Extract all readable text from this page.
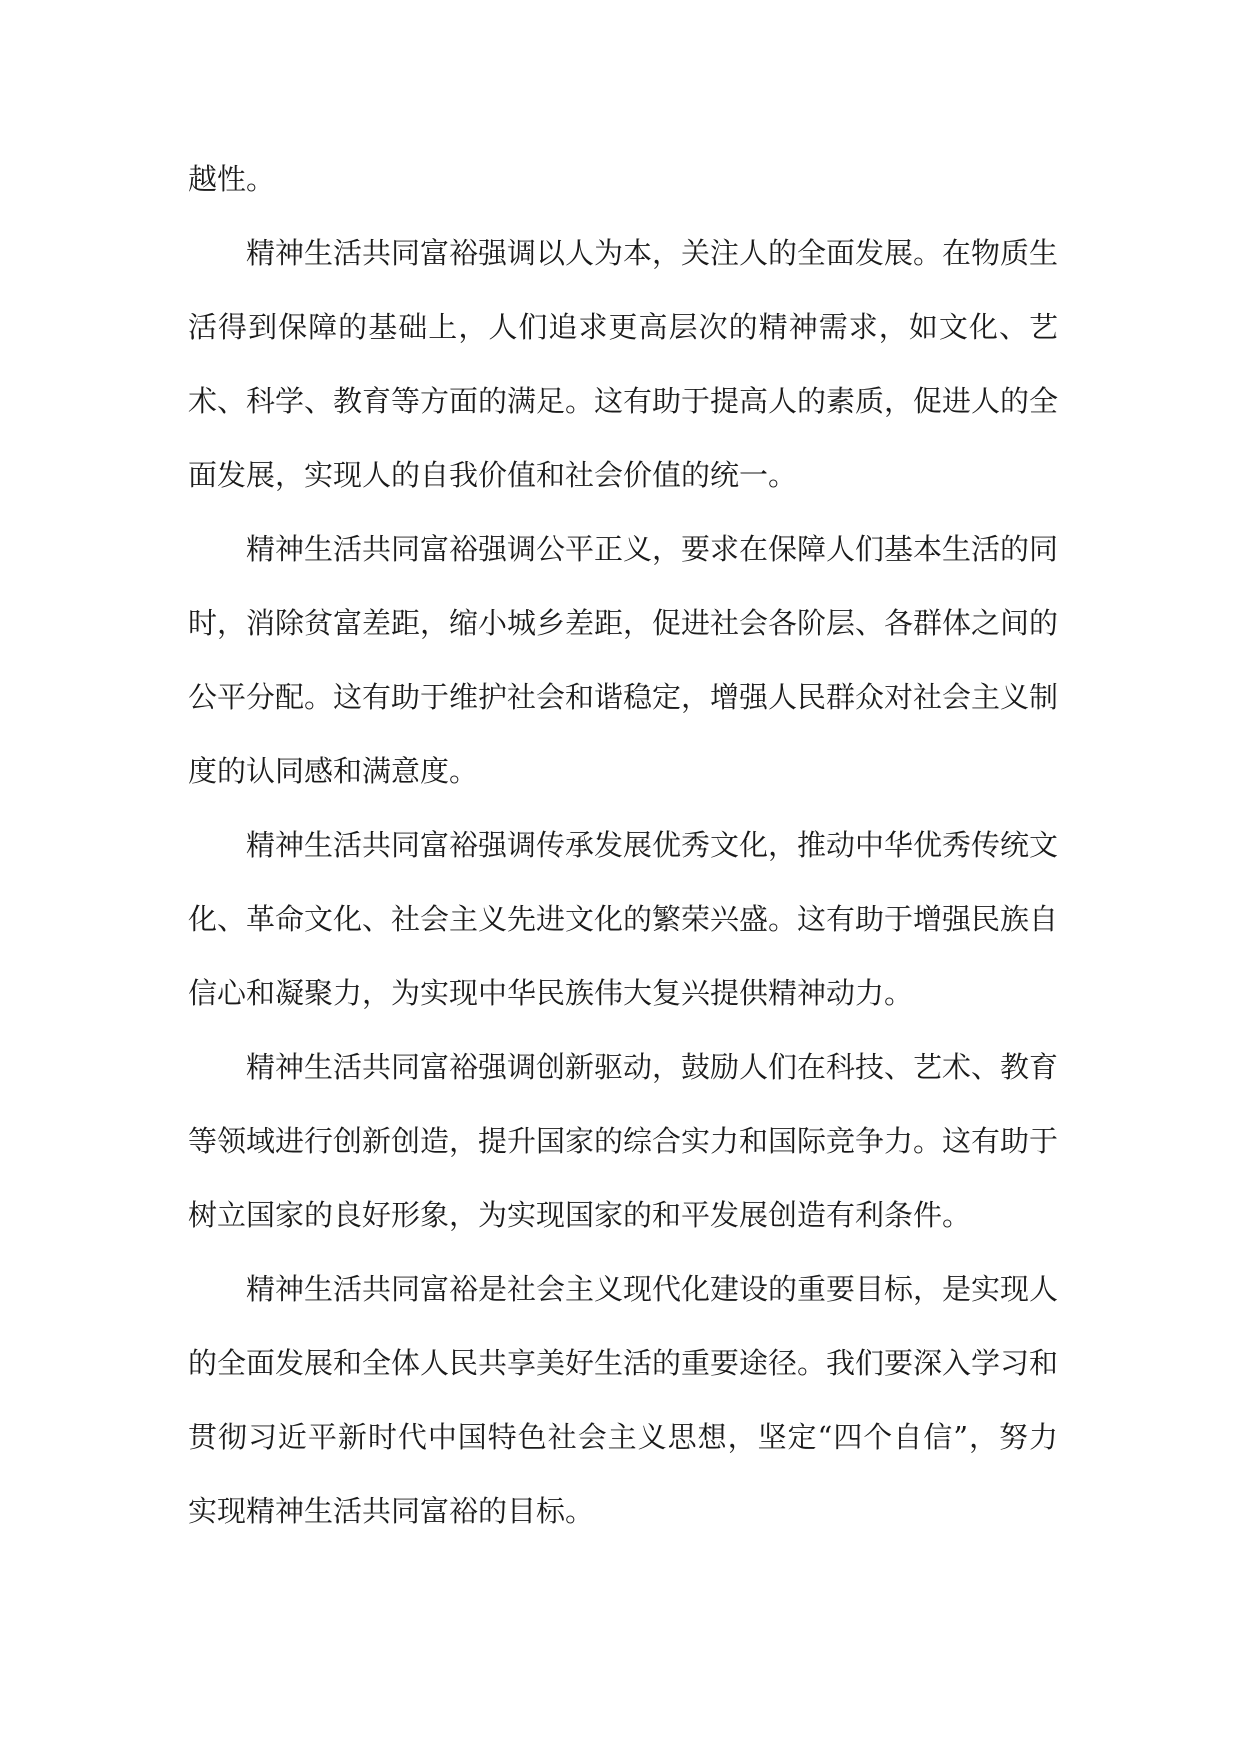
越性。

精神生活共同富裕强调以人为本，关注人的全面发展。在物质生活得到保障的基础上，人们追求更高层次的精神需求，如文化、艺术、科学、教育等方面的满足。这有助于提高人的素质，促进人的全面发展，实现人的自我价值和社会价值的统一。

精神生活共同富裕强调公平正义，要求在保障人们基本生活的同时，消除贫富差距，缩小城乡差距，促进社会各阶层、各群体之间的公平分配。这有助于维护社会和谐稳定，增强人民群众对社会主义制度的认同感和满意度。

精神生活共同富裕强调传承发展优秀文化，推动中华优秀传统文化、革命文化、社会主义先进文化的繁荣兴盛。这有助于增强民族自信心和凝聚力，为实现中华民族伟大复兴提供精神动力。

精神生活共同富裕强调创新驱动，鼓励人们在科技、艺术、教育等领域进行创新创造，提升国家的综合实力和国际竞争力。这有助于树立国家的良好形象，为实现国家的和平发展创造有利条件。

精神生活共同富裕是社会主义现代化建设的重要目标，是实现人的全面发展和全体人民共享美好生活的重要途径。我们要深入学习和贯彻习近平新时代中国特色社会主义思想，坚定“四个自信”，努力实现精神生活共同富裕的目标。
